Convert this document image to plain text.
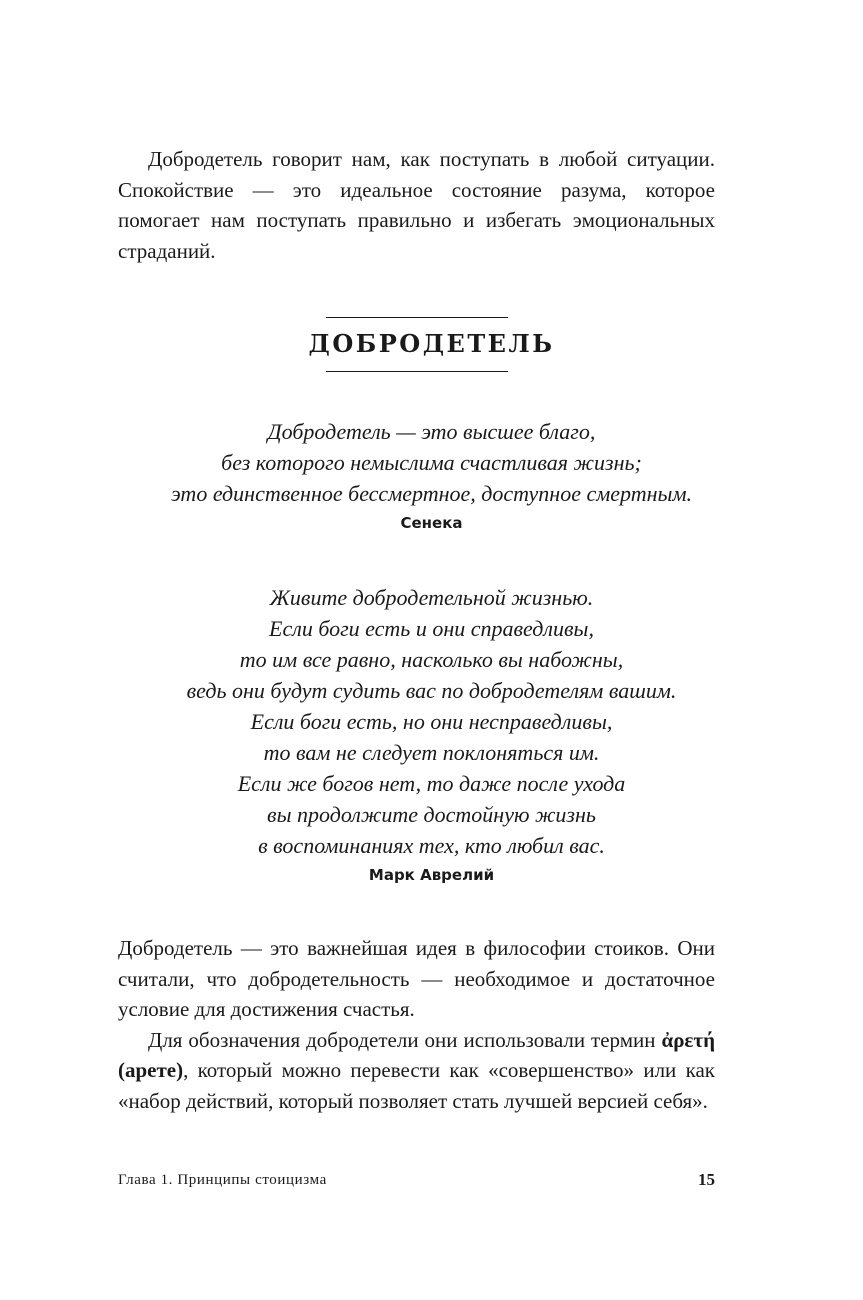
Добродетель говорит нам, как поступать в любой ситуации. Спокойствие — это идеальное состояние разума, которое помогает нам поступать правильно и избегать эмоциональных страданий.

ДОБРОДЕТЕЛЬ
Добродетель — это высшее благо,
без которого немыслима счастливая жизнь;
это единственное бессмертное, доступное смертным.
Сенека
Живите добродетельной жизнью.
Если боги есть и они справедливы,
то им все равно, насколько вы набожны,
ведь они будут судить вас по добродетелям вашим.
Если боги есть, но они несправедливы,
то вам не следует поклоняться им.
Если же богов нет, то даже после ухода
вы продолжите достойную жизнь
в воспоминаниях тех, кто любил вас.
Марк Аврелий

Добродетель — это важнейшая идея в философии стоиков. Они считали, что добродетельность — необходимое и достаточное условие для достижения счастья.

Для обозначения добродетели они использовали термин ἀρετή (арете), который можно перевести как «совершенство» или как «набор действий, который позволяет стать лучшей версией себя».

Глава 1. Принципы стоицизма	15
